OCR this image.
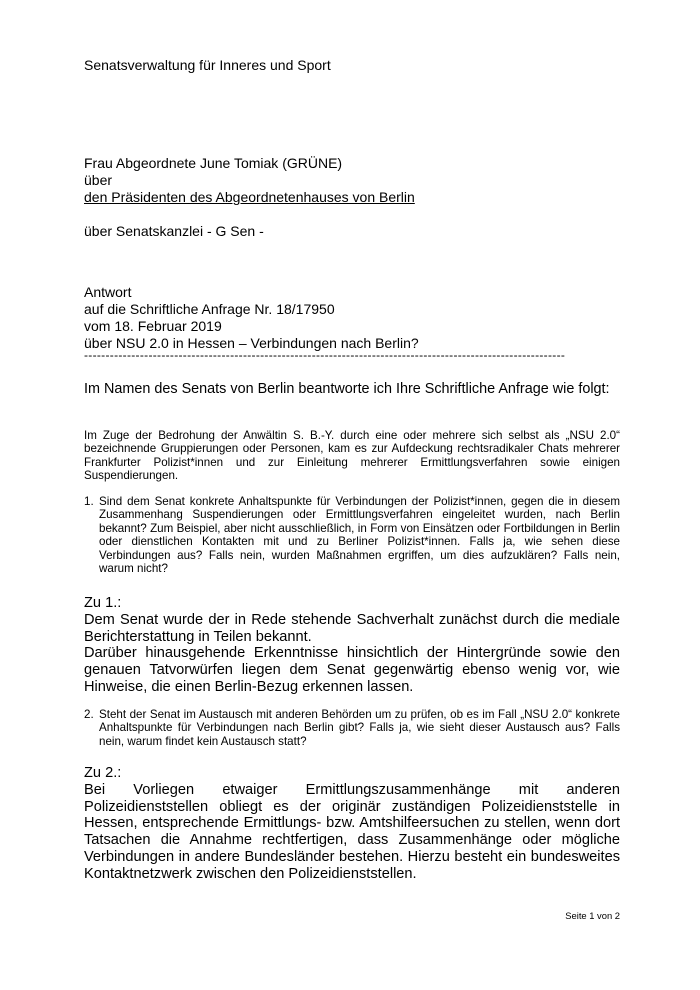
Senatsverwaltung für Inneres und Sport
Frau Abgeordnete June Tomiak (GRÜNE)
über
den Präsidenten des Abgeordnetenhauses von Berlin
über Senatskanzlei - G Sen -
Antwort
auf die Schriftliche Anfrage Nr. 18/17950
vom 18. Februar 2019
über NSU 2.0 in Hessen – Verbindungen nach Berlin?
----------------------------------------------------------------------------------------------------------------
Im Namen des Senats von Berlin beantworte ich Ihre Schriftliche Anfrage wie folgt:
Im Zuge der Bedrohung der Anwältin S. B.-Y. durch eine oder mehrere sich selbst als „NSU 2.0“ bezeichnende Gruppierungen oder Personen, kam es zur Aufdeckung rechtsradikaler Chats mehrerer Frankfurter Polizist*innen und zur Einleitung mehrerer Ermittlungsverfahren sowie einigen Suspendierungen.
1. Sind dem Senat konkrete Anhaltspunkte für Verbindungen der Polizist*innen, gegen die in diesem Zusammenhang Suspendierungen oder Ermittlungsverfahren eingeleitet wurden, nach Berlin bekannt? Zum Beispiel, aber nicht ausschließlich, in Form von Einsätzen oder Fortbildungen in Berlin oder dienstlichen Kontakten mit und zu Berliner Polizist*innen. Falls ja, wie sehen diese Verbindungen aus? Falls nein, wurden Maßnahmen ergriffen, um dies aufzuklären? Falls nein, warum nicht?
Zu 1.:
Dem Senat wurde der in Rede stehende Sachverhalt zunächst durch die mediale Berichterstattung in Teilen bekannt.
Darüber hinausgehende Erkenntnisse hinsichtlich der Hintergründe sowie den genauen Tatvorwürfen liegen dem Senat gegenwärtig ebenso wenig vor, wie Hinweise, die einen Berlin-Bezug erkennen lassen.
2. Steht der Senat im Austausch mit anderen Behörden um zu prüfen, ob es im Fall „NSU 2.0“ konkrete Anhaltspunkte für Verbindungen nach Berlin gibt? Falls ja, wie sieht dieser Austausch aus? Falls nein, warum findet kein Austausch statt?
Zu 2.:
Bei Vorliegen etwaiger Ermittlungszusammenhänge mit anderen Polizeidienststellen obliegt es der originär zuständigen Polizeidienststelle in Hessen, entsprechende Ermittlungs- bzw. Amtshilfeersuchen zu stellen, wenn dort Tatsachen die Annahme rechtfertigen, dass Zusammenhänge oder mögliche Verbindungen in andere Bundesländer bestehen. Hierzu besteht ein bundesweites Kontaktnetzwerk zwischen den Polizeidienststellen.
Seite 1 von 2
